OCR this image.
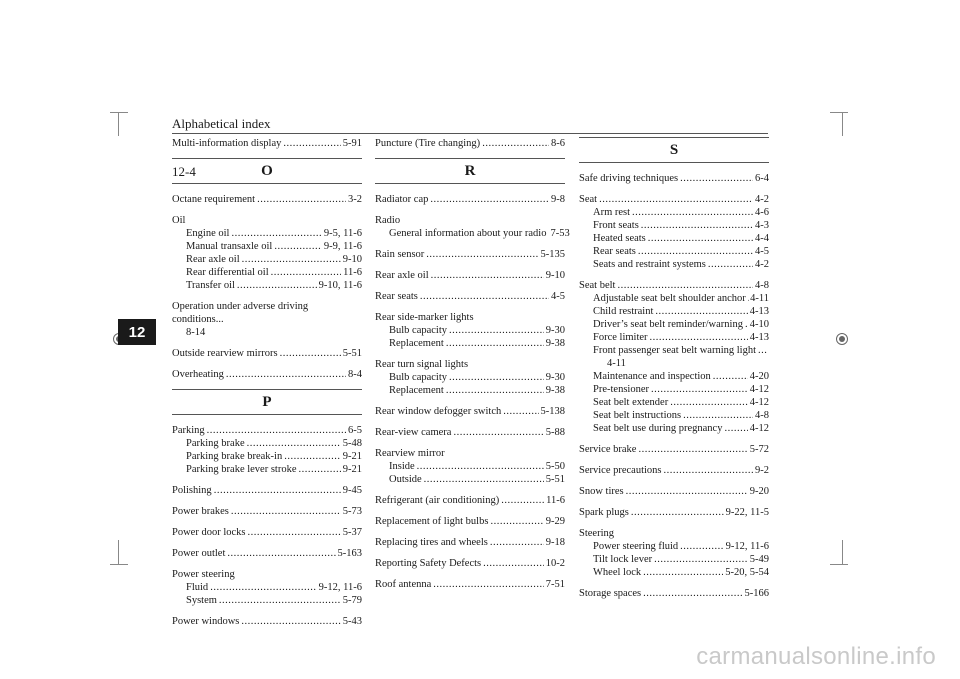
Alphabetical index
12-4
12
Multi-information display .....	5-91
O
Octane requirement .....	3-2
Oil
Engine oil .....	9-5, 11-6
Manual transaxle oil .....	9-9, 11-6
Rear axle oil .....	9-10
Rear differential oil .....	11-6
Transfer oil .....	9-10, 11-6
Operation under adverse driving conditions...
8-14
Outside rearview mirrors .....	5-51
Overheating .....	8-4
P
Parking .....	6-5
Parking brake .....	5-48
Parking brake break-in .....	9-21
Parking brake lever stroke .....	9-21
Polishing .....	9-45
Power brakes .....	5-73
Power door locks .....	5-37
Power outlet .....	5-163
Power steering
Fluid .....	9-12, 11-6
System .....	5-79
Power windows .....	5-43
Puncture (Tire changing) .....	8-6
R
Radiator cap .....	9-8
Radio
General information about your radio 7-53
Rain sensor .....	5-135
Rear axle oil .....	9-10
Rear seats .....	4-5
Rear side-marker lights
Bulb capacity .....	9-30
Replacement .....	9-38
Rear turn signal lights
Bulb capacity .....	9-30
Replacement .....	9-38
Rear window defogger switch .....	5-138
Rear-view camera .....	5-88
Rearview mirror
Inside .....	5-50
Outside .....	5-51
Refrigerant (air conditioning) .....	11-6
Replacement of light bulbs .....	9-29
Replacing tires and wheels .....	9-18
Reporting Safety Defects .....	10-2
Roof antenna .....	7-51
S
Safe driving techniques .....	6-4
Seat .....	4-2
Arm rest .....	4-6
Front seats .....	4-3
Heated seats .....	4-4
Rear seats .....	4-5
Seats and restraint systems .....	4-2
Seat belt .....	4-8
Adjustable seat belt shoulder anchor ..... 4-11
Child restraint .....	4-13
Driver’s seat belt reminder/warning ..... 4-10
Force limiter .....	4-13
Front passenger seat belt warning light
.....
4-11
Maintenance and inspection .....	4-20
Pre-tensioner .....	4-12
Seat belt extender .....	4-12
Seat belt instructions .....	4-8
Seat belt use during pregnancy .....	4-12
Service brake .....	5-72
Service precautions .....	9-2
Snow tires .....	9-20
Spark plugs .....	9-22, 11-5
Steering
Power steering fluid .....	9-12, 11-6
Tilt lock lever .....	5-49
Wheel lock .....	5-20, 5-54
Storage spaces .....	5-166
carmanualsonline.info
